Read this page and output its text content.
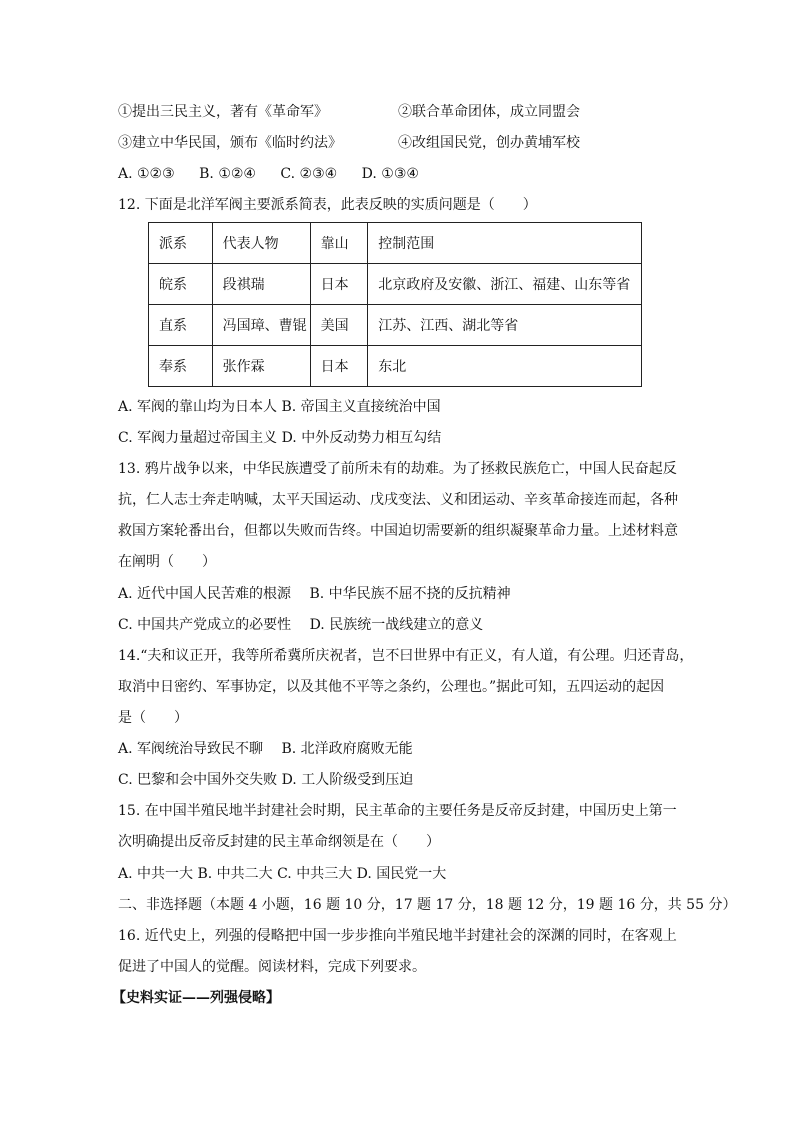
①提出三民主义，著有《革命军》	②联合革命团体，成立同盟会
③建立中华民国，颁布《临时约法》	④改组国民党，创办黄埔军校
A. ①②③ B. ①②④ C. ②③④ D. ①③④
12. 下面是北洋军阀主要派系简表，此表反映的实质问题是（　　）
派系	代表人物	靠山	控制范围
皖系	段祺瑞	日本	北京政府及安徽、浙江、福建、山东等省
直系	冯国璋、曹锟	美国	江苏、江西、湖北等省
奉系	张作霖	日本	东北
A. 军阀的靠山均为日本人 B. 帝国主义直接统治中国
C. 军阀力量超过帝国主义 D. 中外反动势力相互勾结
13. 鸦片战争以来，中华民族遭受了前所未有的劫难。为了拯救民族危亡，中国人民奋起反
抗，仁人志士奔走呐喊，太平天国运动、戊戌变法、义和团运动、辛亥革命接连而起，各种
救国方案轮番出台，但都以失败而告终。中国迫切需要新的组织凝聚革命力量。上述材料意
在阐明（　　）
A. 近代中国人民苦难的根源　 B. 中华民族不屈不挠的反抗精神
C. 中国共产党成立的必要性　 D. 民族统一战线建立的意义
14.“夫和议正开，我等所希冀所庆祝者，岂不曰世界中有正义，有人道，有公理。归还青岛，
取消中日密约、军事协定，以及其他不平等之条约，公理也。”据此可知，五四运动的起因
是（　　）
A. 军阀统治导致民不聊　 B. 北洋政府腐败无能
C. 巴黎和会中国外交失败 D. 工人阶级受到压迫
15. 在中国半殖民地半封建社会时期，民主革命的主要任务是反帝反封建，中国历史上第一
次明确提出反帝反封建的民主革命纲领是在（　　）
A. 中共一大 B. 中共二大 C. 中共三大 D. 国民党一大
二、非选择题（本题 4 小题，16 题 10 分，17 题 17 分，18 题 12 分，19 题 16 分，共 55 分）
16. 近代史上，列强的侵略把中国一步步推向半殖民地半封建社会的深渊的同时，在客观上
促进了中国人的觉醒。阅读材料，完成下列要求。
【史料实证——列强侵略】
